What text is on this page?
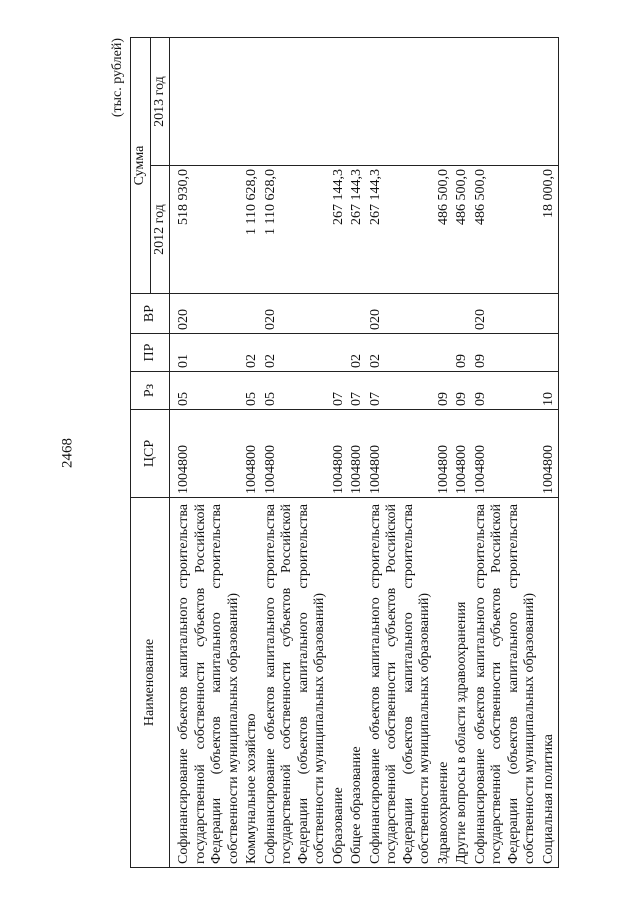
2468
(тыс. рублей)
Наименование	ЦСР	Рз	ПР	ВР	Сумма	
					2012 год	2013 год
Софинансирование объектов капитального строительства государственной собственности субъектов Российской Федерации (объектов капитального строительства собственности муниципальных образований)	1004800	05	01	020	518 930,0	
Коммунальное хозяйство	1004800	05	02		1 110 628,0	
Софинансирование объектов капитального строительства государственной собственности субъектов Российской Федерации (объектов капитального строительства собственности муниципальных образований)	1004800	05	02	020	1 110 628,0	
Образование	1004800	07			267 144,3	
Общее образование	1004800	07	02		267 144,3	
Софинансирование объектов капитального строительства государственной собственности субъектов Российской Федерации (объектов капитального строительства собственности муниципальных образований)	1004800	07	02	020	267 144,3	
Здравоохранение	1004800	09			486 500,0	
Другие вопросы в области здравоохранения	1004800	09	09		486 500,0	
Софинансирование объектов капитального строительства государственной собственности субъектов Российской Федерации (объектов капитального строительства собственности муниципальных образований)	1004800	09	09	020	486 500,0	
Социальная политика	1004800	10			18 000,0	
